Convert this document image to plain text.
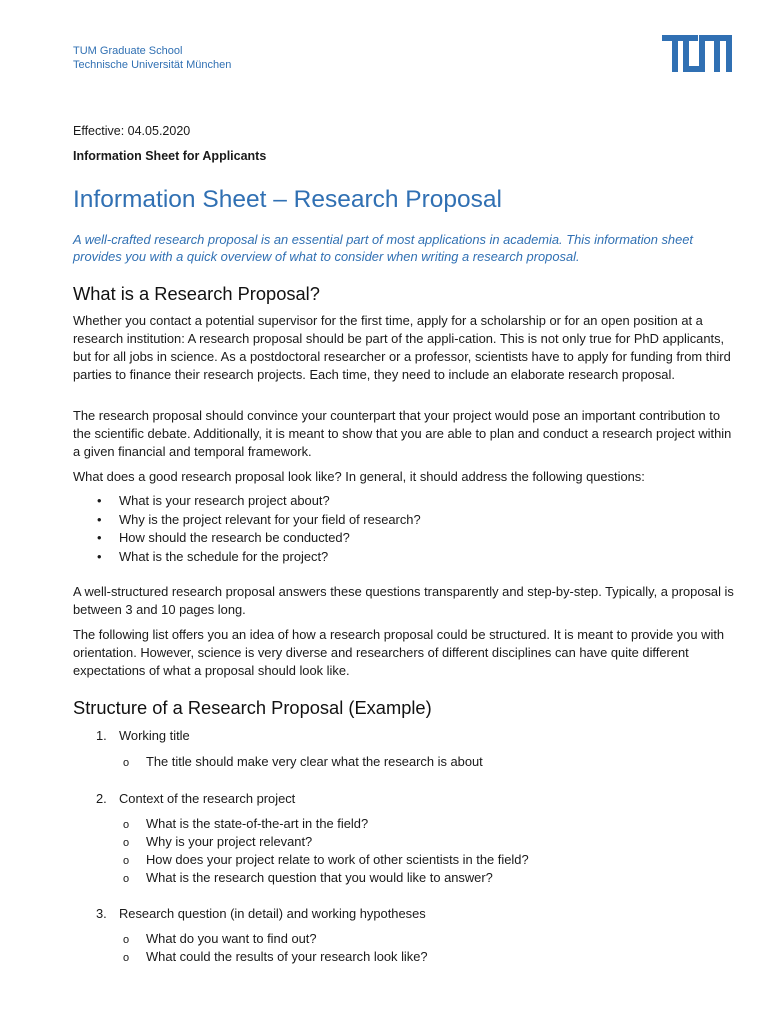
TUM Graduate School
Technische Universität München
Effective: 04.05.2020
Information Sheet for Applicants
Information Sheet – Research Proposal
A well-crafted research proposal is an essential part of most applications in academia. This information sheet provides you with a quick overview of what to consider when writing a research proposal.
What is a Research Proposal?

Whether you contact a potential supervisor for the first time, apply for a scholarship or for an open position at a research institution: A research proposal should be part of the appli-cation. This is not only true for PhD applicants, but for all jobs in science. As a postdoctoral researcher or a professor, scientists have to apply for funding from third parties to finance their research projects. Each time, they need to include an elaborate research proposal.

The research proposal should convince your counterpart that your project would pose an important contribution to the scientific debate. Additionally, it is meant to show that you are able to plan and conduct a research project within a given financial and temporal framework.

What does a good research proposal look like? In general, it should address the following questions:

• What is your research project about?
• Why is the project relevant for your field of research?
• How should the research be conducted?
• What is the schedule for the project?

A well-structured research proposal answers these questions transparently and step-by-step. Typically, a proposal is between 3 and 10 pages long.

The following list offers you an idea of how a research proposal could be structured. It is meant to provide you with orientation. However, science is very diverse and researchers of different disciplines can have quite different expectations of what a proposal should look like.

Structure of a Research Proposal (Example)
1. Working title
o The title should make very clear what the research is about
2. Context of the research project
o What is the state-of-the-art in the field?
o Why is your project relevant?
o How does your project relate to work of other scientists in the field?
o What is the research question that you would like to answer?
3. Research question (in detail) and working hypotheses
o What do you want to find out?
o What could the results of your research look like?
